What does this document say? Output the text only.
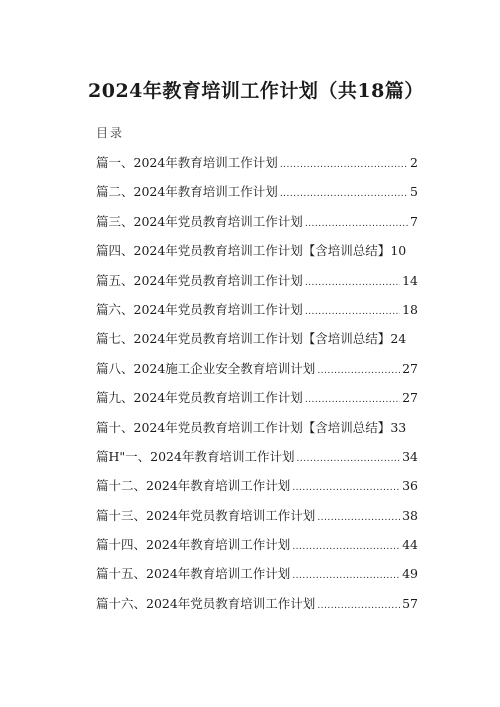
2024年教育培训工作计划（共18篇）
目录
篇一、2024年教育培训工作计划 .....	2
篇二、2024年教育培训工作计划 .....	5
篇三、2024年党员教育培训工作计划 .....	7
篇四、2024年党员教育培训工作计划【含培训总结】 10
篇五、2024年党员教育培训工作计划 .....	14
篇六、2024年党员教育培训工作计划 .....	18
篇七、2024年党员教育培训工作计划【含培训总结】 24
篇八、2024施工企业安全教育培训计划 .....	27
篇九、2024年党员教育培训工作计划 .....	27
篇十、2024年党员教育培训工作计划【含培训总结】 33
篇H"一、2024年教育培训工作计划 .....	34
篇十二、2024年教育培训工作计划 .....	36
篇十三、2024年党员教育培训工作计划 .....	38
篇十四、2024年教育培训工作计划 .....	44
篇十五、2024年教育培训工作计划 .....	49
篇十六、2024年党员教育培训工作计划 .....	57
